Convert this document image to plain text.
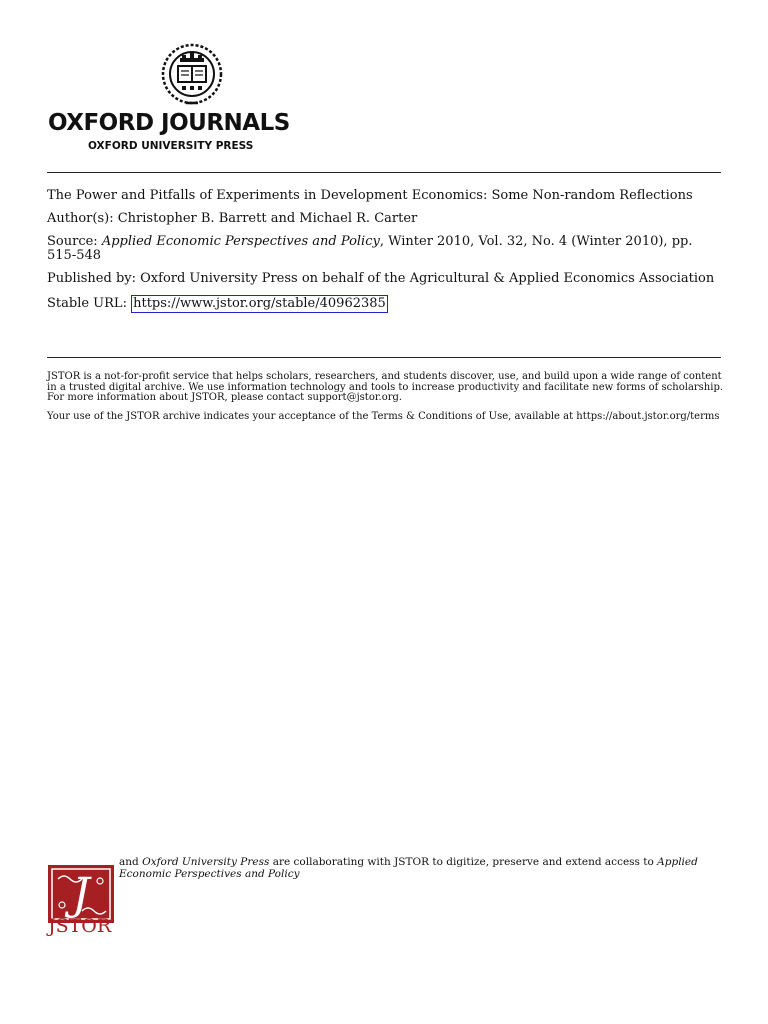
OXFORD JOURNALS
OXFORD UNIVERSITY PRESS

The Power and Pitfalls of Experiments in Development Economics: Some Non-random Reflections

Author(s): Christopher B. Barrett and Michael R. Carter

Source: Applied Economic Perspectives and Policy, Winter 2010, Vol. 32, No. 4 (Winter 2010), pp. 515-548

Published by: Oxford University Press on behalf of the Agricultural & Applied Economics Association

Stable URL: https://www.jstor.org/stable/40962385

JSTOR is a not-for-profit service that helps scholars, researchers, and students discover, use, and build upon a wide range of content in a trusted digital archive. We use information technology and tools to increase productivity and facilitate new forms of scholarship. For more information about JSTOR, please contact support@jstor.org.

Your use of the JSTOR archive indicates your acceptance of the Terms & Conditions of Use, available at https://about.jstor.org/terms

J
JSTOR
and Oxford University Press are collaborating with JSTOR to digitize, preserve and extend access to Applied Economic Perspectives and Policy
